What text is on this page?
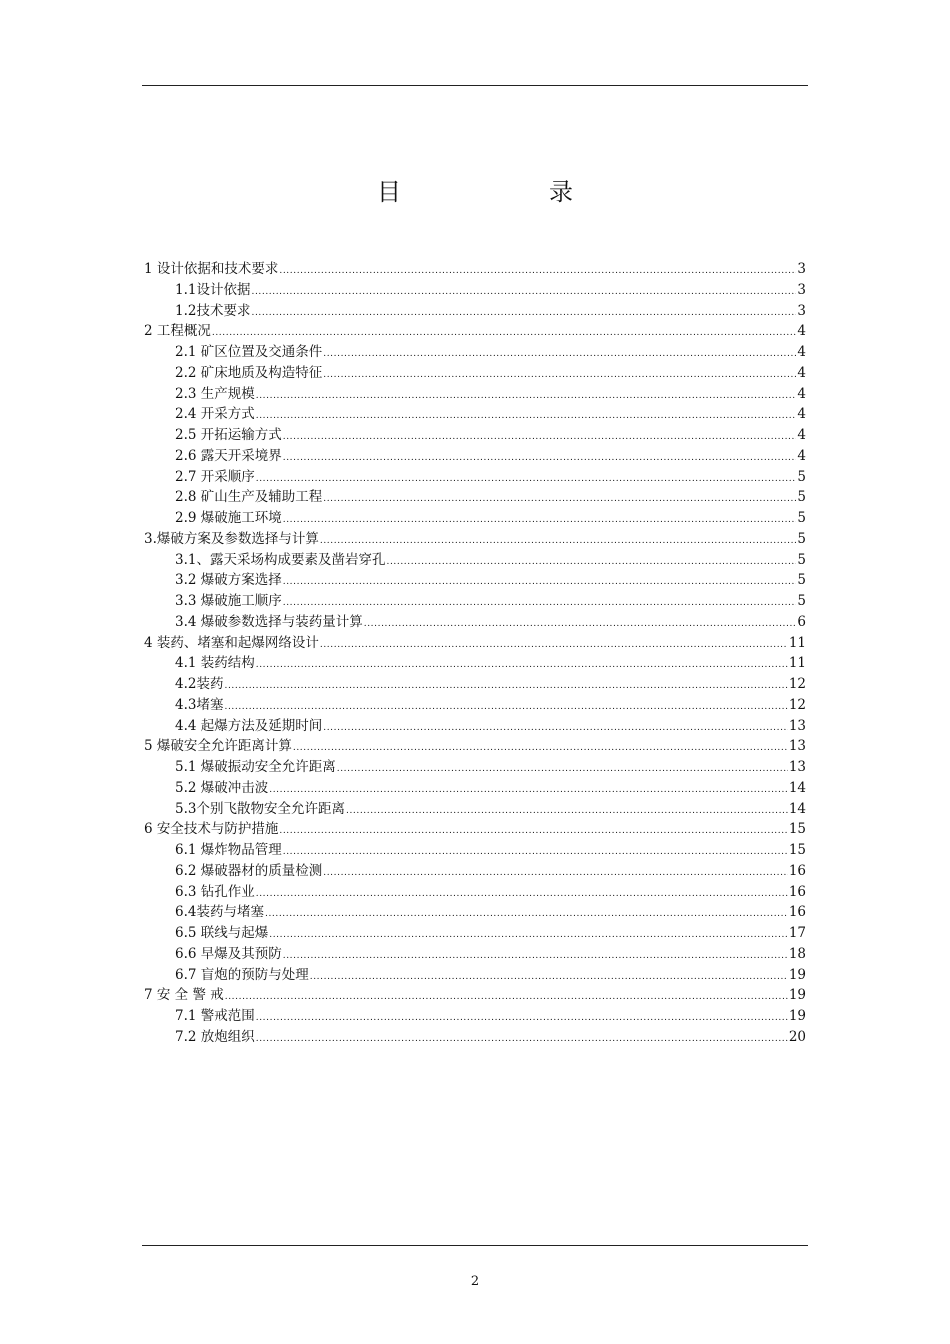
目　录
1 设计依据和技术要求 .....	3
1.1设计依据 .....	3
1.2技术要求 .....	3
2 工程概况 .....	4
2.1 矿区位置及交通条件 .....	4
2.2 矿床地质及构造特征 .....	4
2.3 生产规模 .....	4
2.4 开采方式 .....	4
2.5 开拓运输方式 .....	4
2.6 露天开采境界 .....	4
2.7 开采顺序 .....	5
2.8 矿山生产及辅助工程 .....	5
2.9 爆破施工环境 .....	5
3.爆破方案及参数选择与计算 .....	5
3.1、露天采场构成要素及凿岩穿孔 .....	5
3.2 爆破方案选择 .....	5
3.3 爆破施工顺序 .....	5
3.4 爆破参数选择与装药量计算 .....	6
4 装药、堵塞和起爆网络设计 .....	11
4.1 装药结构 .....	11
4.2装药 .....	12
4.3堵塞 .....	12
4.4 起爆方法及延期时间 .....	13
5 爆破安全允许距离计算 .....	13
5.1 爆破振动安全允许距离 .....	13
5.2 爆破冲击波 .....	14
5.3个别飞散物安全允许距离 .....	14
6 安全技术与防护措施 .....	15
6.1 爆炸物品管理 .....	15
6.2 爆破器材的质量检测 .....	16
6.3 钻孔作业 .....	16
6.4装药与堵塞 .....	16
6.5 联线与起爆 .....	17
6.6 早爆及其预防 .....	18
6.7 盲炮的预防与处理 .....	19
7 安 全 警 戒 .....	19
7.1 警戒范围 .....	19
7.2 放炮组织 .....	20
2
